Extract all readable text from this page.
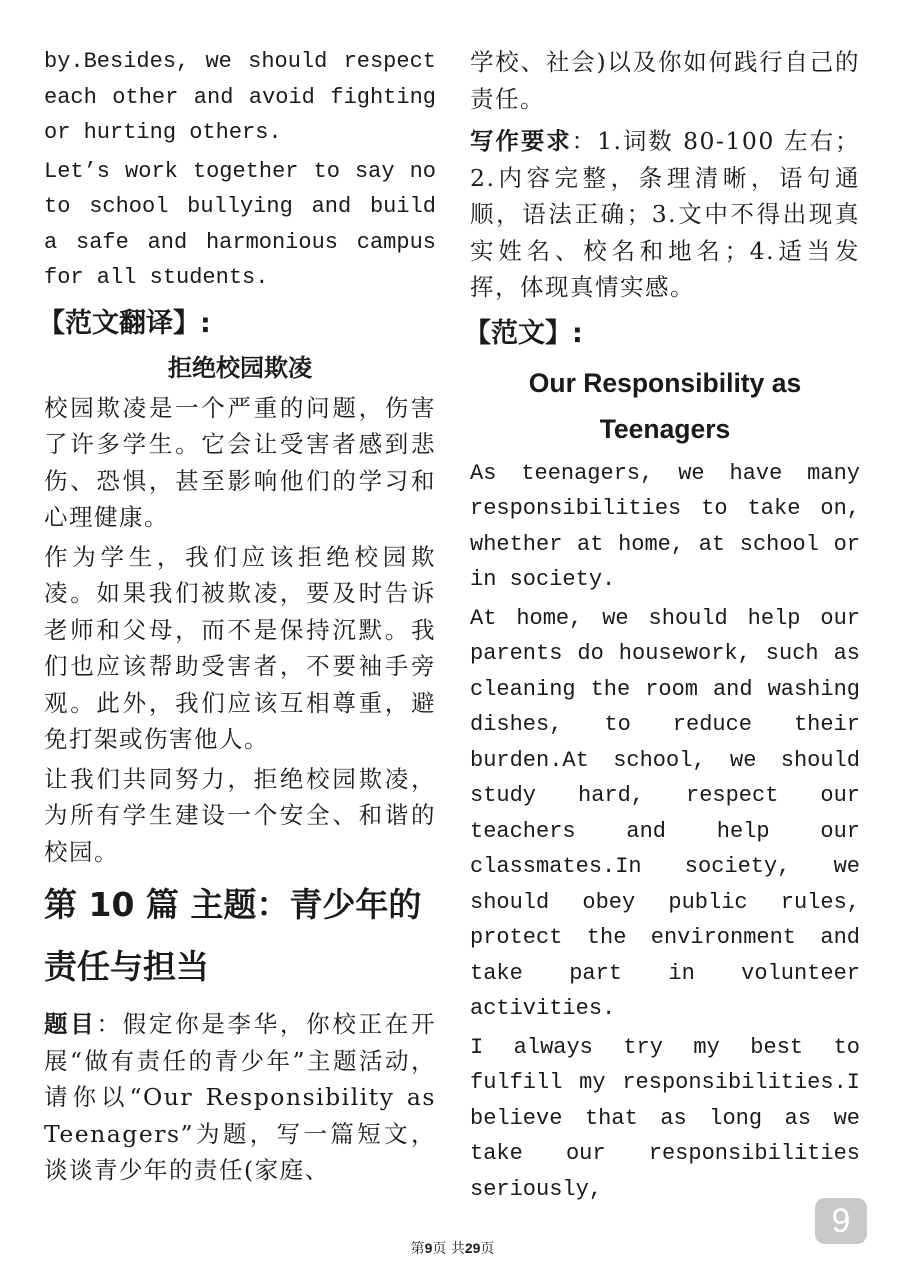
by.Besides, we should respect each other and avoid fighting or hurting others.

Let’s work together to say no to school bullying and build a safe and harmonious campus for all students.

【范文翻译】:
拒绝校园欺凌

校园欺凌是一个严重的问题，伤害了许多学生。它会让受害者感到悲伤、恐惧，甚至影响他们的学习和心理健康。

作为学生，我们应该拒绝校园欺凌。如果我们被欺凌，要及时告诉老师和父母，而不是保持沉默。我们也应该帮助受害者，不要袖手旁观。此外，我们应该互相尊重，避免打架或伤害他人。

让我们共同努力，拒绝校园欺凌，为所有学生建设一个安全、和谐的校园。

第 10 篇 主题：青少年的责任与担当

题目：假定你是李华，你校正在开展“做有责任的青少年”主题活动，请你以“Our Responsibility as Teenagers”为题，写一篇短文，谈谈青少年的责任(家庭、

学校、社会)以及你如何践行自己的责任。

写作要求：1.词数 80-100 左右；2.内容完整，条理清晰，语句通顺，语法正确；3.文中不得出现真实姓名、校名和地名；4.适当发挥，体现真情实感。

【范文】:
Our Responsibility as Teenagers

As teenagers, we have many responsibilities to take on, whether at home, at school or in society.

At home, we should help our parents do housework, such as cleaning the room and washing dishes, to reduce their burden.At school, we should study hard, respect our teachers and help our classmates.In society, we should obey public rules, protect the environment and take part in volunteer activities.

I always try my best to fulfill my responsibilities.I believe that as long as we take our responsibilities seriously,

9
第9页 共29页
